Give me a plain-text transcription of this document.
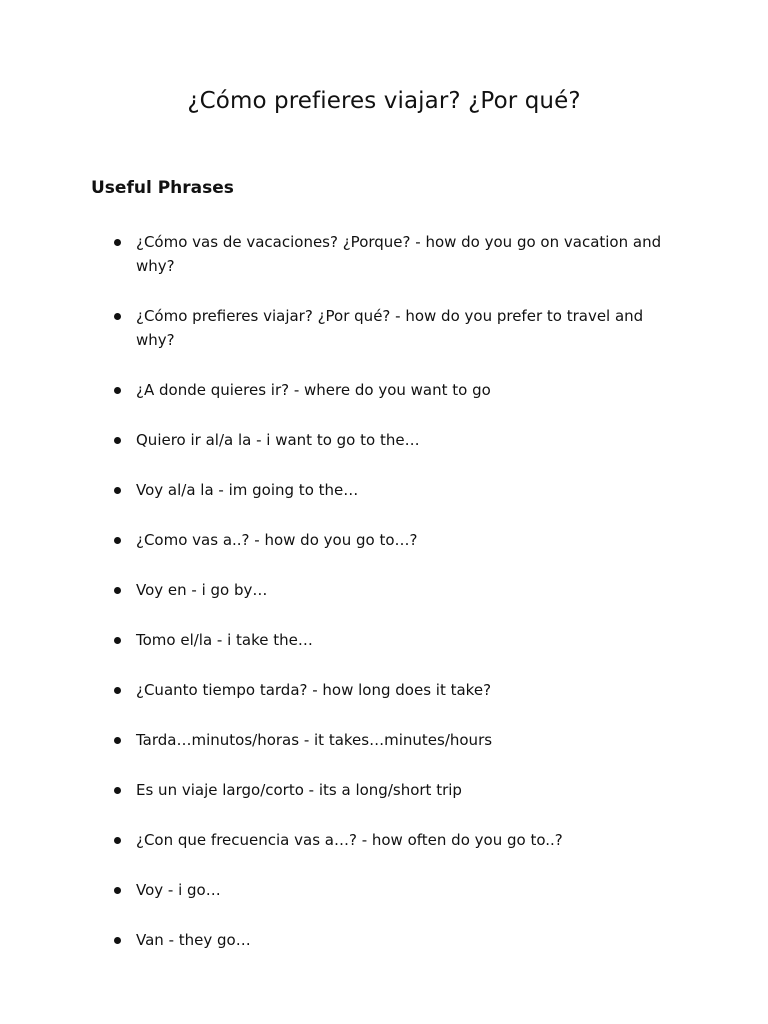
¿Cómo prefieres viajar? ¿Por qué?
Useful Phrases
¿Cómo vas de vacaciones? ¿Porque? - how do you go on vacation and why?
¿Cómo prefieres viajar? ¿Por qué? - how do you prefer to travel and why?
¿A donde quieres ir? - where do you want to go
Quiero ir al/a la - i want to go to the…
Voy al/a la - im going to the…
¿Como vas a..? - how do you go to…?
Voy en - i go by…
Tomo el/la - i take the…
¿Cuanto tiempo tarda? - how long does it take?
Tarda…minutos/horas - it takes…minutes/hours
Es un viaje largo/corto - its a long/short trip
¿Con que frecuencia vas a…? - how often do you go to..?
Voy - i go…
Van - they go…
